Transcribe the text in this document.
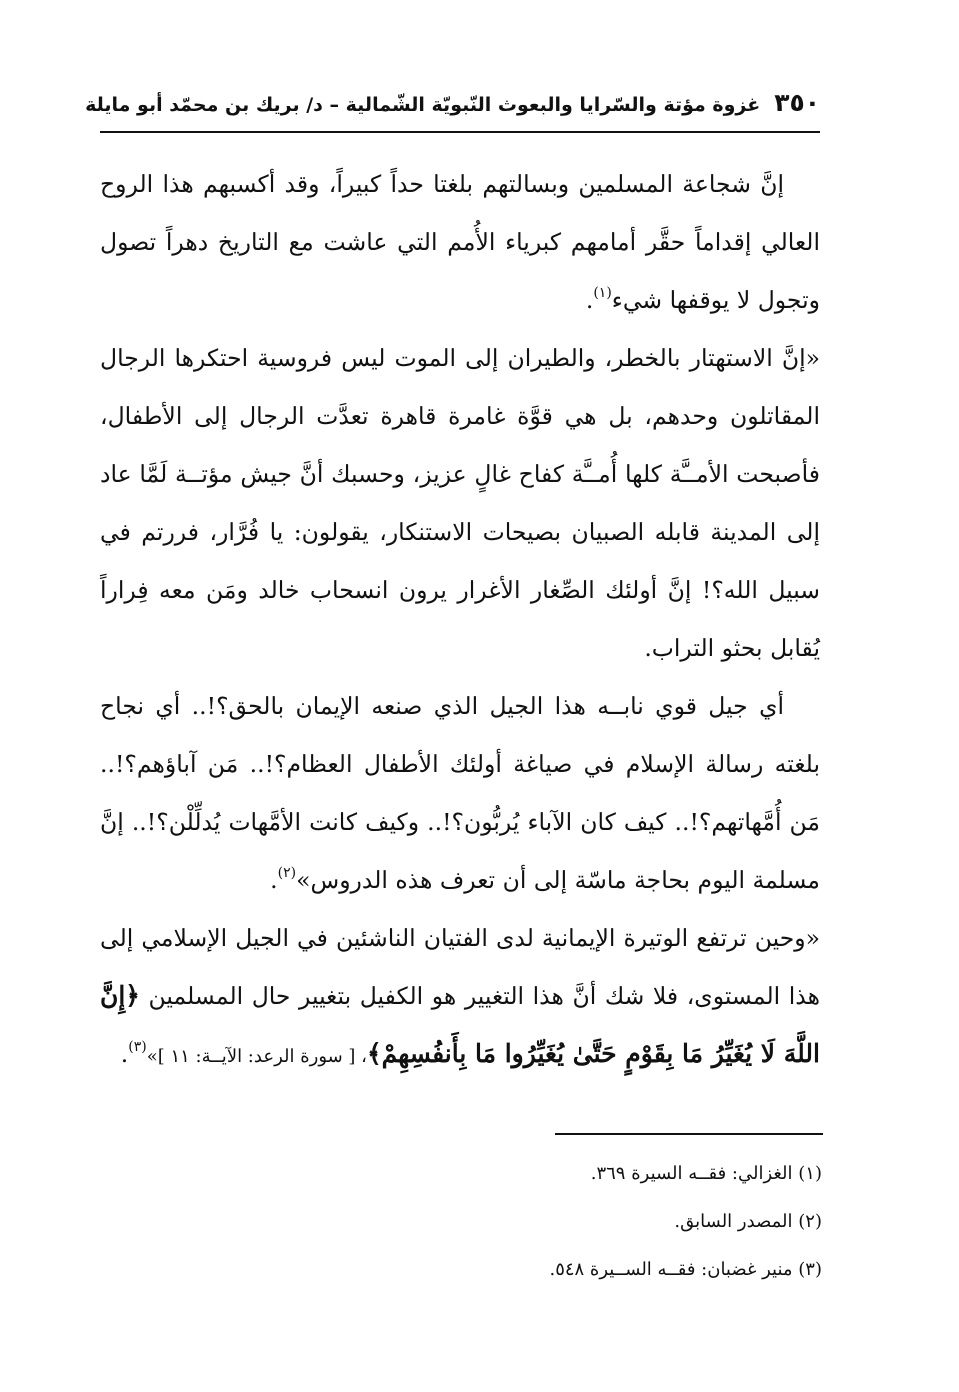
٣٥٠
غزوة مؤتة والسّرايا والبعوث النّبويّة الشّمالية – د/ بريك بن محمّد أبو مايلة

إنَّ شجاعة المسلمين وبسالتهم بلغتا حداً كبيراً، وقد أكسبهم هذا الروح العالي إقداماً حقَّر أمامهم كبرياء الأُمم التي عاشت مع التاريخ دهراً تصول وتجول لا يوقفها شيء$^{(١)}$.

«إنَّ الاستهتار بالخطر، والطيران إلى الموت ليس فروسية احتكرها الرجال المقاتلون وحدهم، بل هي قوَّة غامرة قاهرة تعدَّت الرجال إلى الأطفال، فأصبحت الأمــَّة كلها أُمــَّة كفاح غالٍ عزيز، وحسبك أنَّ جيش مؤتــة لَمَّا عاد إلى المدينة قابله الصبيان بصيحات الاستنكار، يقولون: يا فُرَّار، فررتم في سبيل الله؟! إنَّ أولئك الصِّغار الأغرار يرون انسحاب خالد ومَن معه فِراراً يُقابل بحثو التراب.

أي جيل قوي نابــه هذا الجيل الذي صنعه الإيمان بالحق؟!.. أي نجاح بلغته رسالة الإسلام في صياغة أولئك الأطفال العظام؟!.. مَن آباؤهم؟!.. مَن أُمَّهاتهم؟!.. كيف كان الآباء يُربُّون؟!.. وكيف كانت الأمَّهات يُدلِّلْن؟!.. إنَّ مسلمة اليوم بحاجة ماسّة إلى أن تعرف هذه الدروس»$^{(٢)}$.

«وحين ترتفع الوتيرة الإيمانية لدى الفتيان الناشئين في الجيل الإسلامي إلى هذا المستوى، فلا شك أنَّ هذا التغيير هو الكفيل بتغيير حال المسلمين ﴿إِنَّ اللَّهَ لَا يُغَيِّرُ مَا بِقَوْمٍ حَتَّىٰ يُغَيِّرُوا مَا بِأَنفُسِهِمْ﴾، [ سورة الرعد: الآيــة: ١١ ]»$^{(٣)}$.

(١) الغزالي: فقــه السيرة ٣٦٩.

(٢) المصدر السابق.

(٣) منير غضبان: فقــه الســيرة ٥٤٨.
